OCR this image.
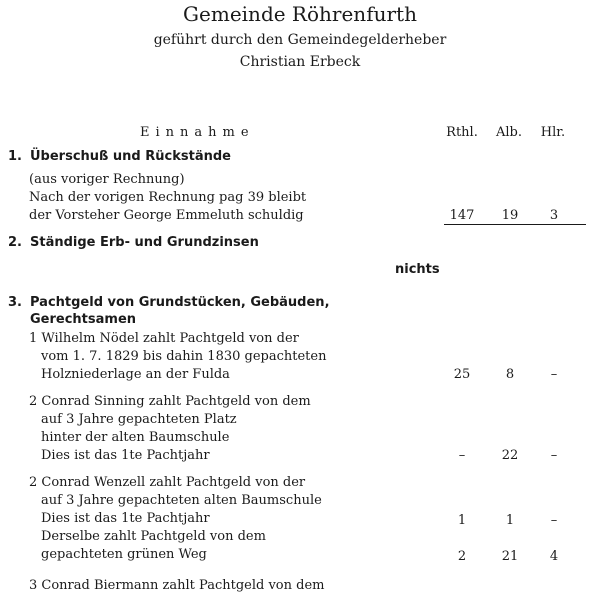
Gemeinde Röhrenfurth
geführt durch den Gemeindegelderheber
Christian Erbeck
Einnahme	Rthl.	Alb.	Hlr.
1. Überschuß und Rückstände
(aus voriger Rechnung)
Nach der vorigen Rechnung pag 39 bleibt
der Vorsteher George Emmeluth schuldig	147	19	3
2. Ständige Erb- und Grundzinsen
nichts
3. Pachtgeld von Grundstücken, Gebäuden,
Gerechtsamen
1 Wilhelm Nödel zahlt Pachtgeld von der
vom 1. 7. 1829 bis dahin 1830 gepachteten
Holzniederlage an der Fulda	25	8	–
2 Conrad Sinning zahlt Pachtgeld von dem
auf 3 Jahre gepachteten Platz
hinter der alten Baumschule
Dies ist das 1te Pachtjahr	–	22	–
2 Conrad Wenzell zahlt Pachtgeld von der
auf 3 Jahre gepachteten alten Baumschule
Dies ist das 1te Pachtjahr	1	1	–
Derselbe zahlt Pachtgeld von dem
gepachteten grünen Weg	2	21	4
3 Conrad Biermann zahlt Pachtgeld von dem
